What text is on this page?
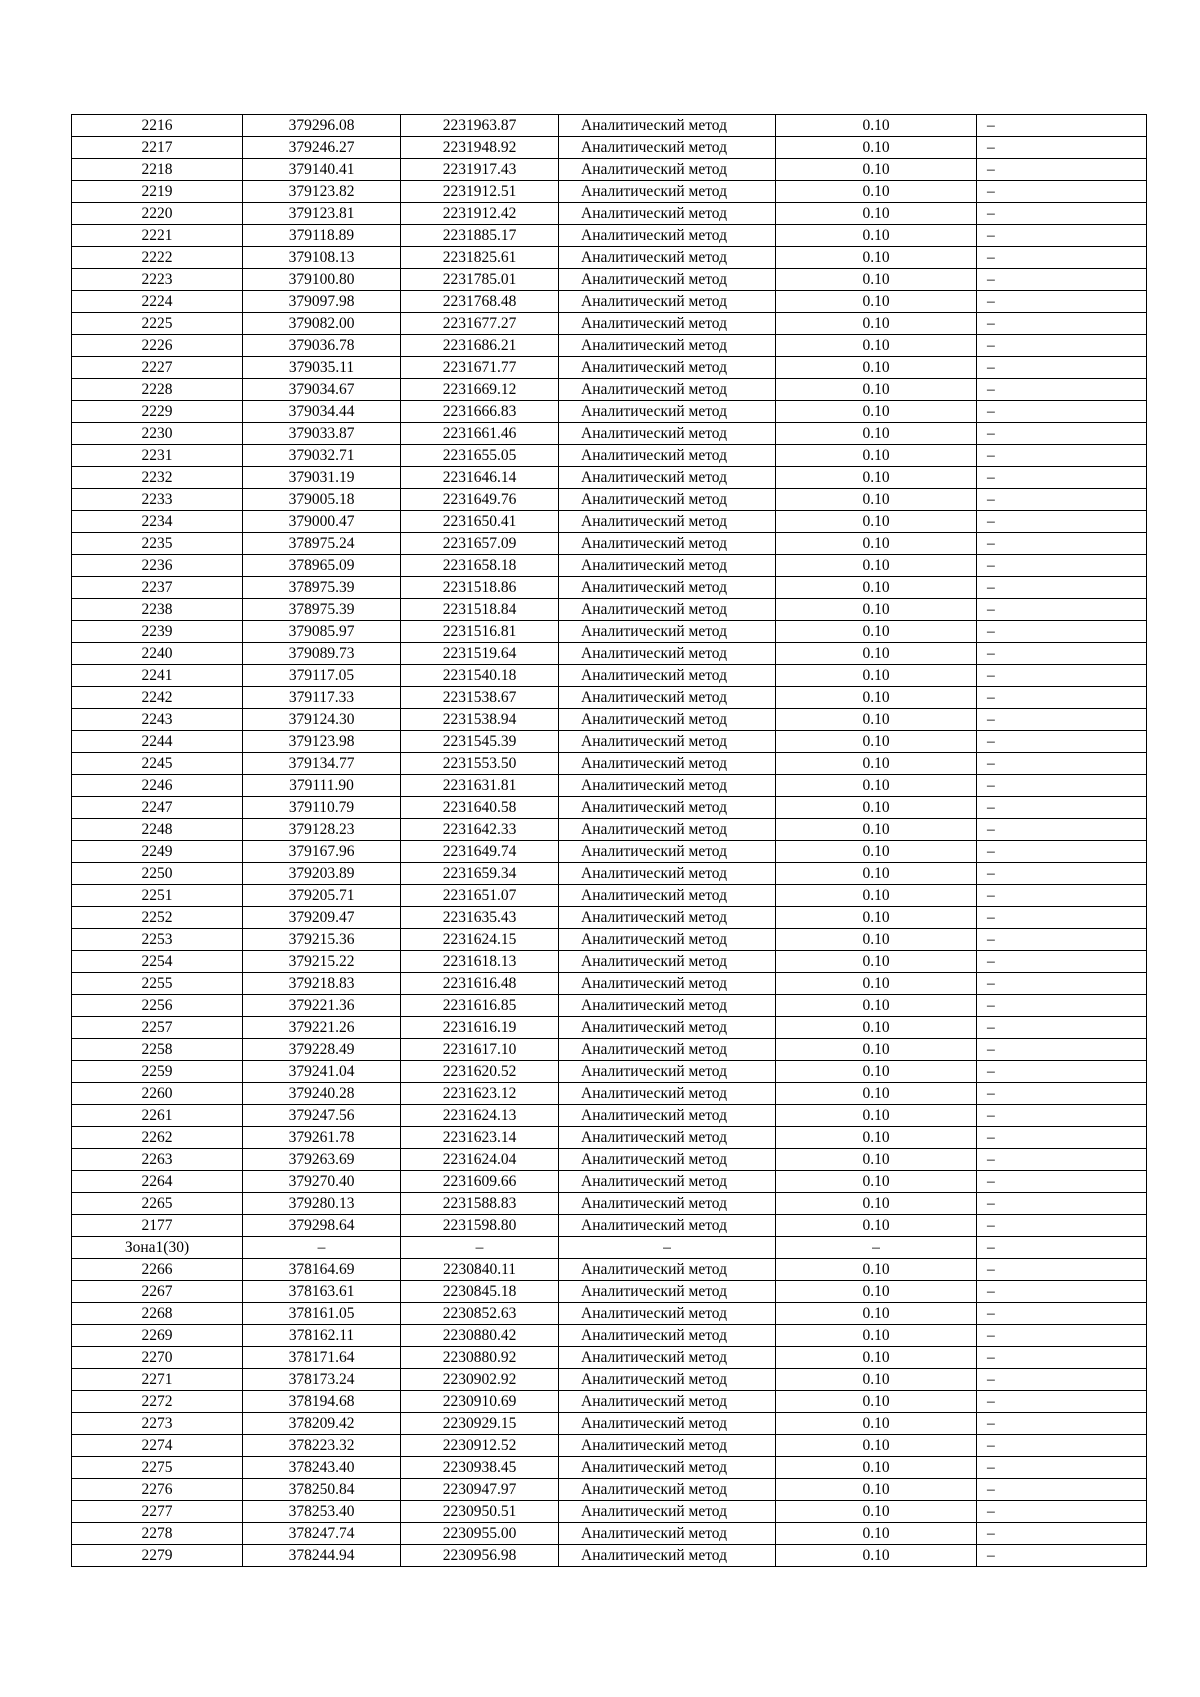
2216	379296.08	2231963.87	Аналитический метод	0.10	–
2217	379246.27	2231948.92	Аналитический метод	0.10	–
2218	379140.41	2231917.43	Аналитический метод	0.10	–
2219	379123.82	2231912.51	Аналитический метод	0.10	–
2220	379123.81	2231912.42	Аналитический метод	0.10	–
2221	379118.89	2231885.17	Аналитический метод	0.10	–
2222	379108.13	2231825.61	Аналитический метод	0.10	–
2223	379100.80	2231785.01	Аналитический метод	0.10	–
2224	379097.98	2231768.48	Аналитический метод	0.10	–
2225	379082.00	2231677.27	Аналитический метод	0.10	–
2226	379036.78	2231686.21	Аналитический метод	0.10	–
2227	379035.11	2231671.77	Аналитический метод	0.10	–
2228	379034.67	2231669.12	Аналитический метод	0.10	–
2229	379034.44	2231666.83	Аналитический метод	0.10	–
2230	379033.87	2231661.46	Аналитический метод	0.10	–
2231	379032.71	2231655.05	Аналитический метод	0.10	–
2232	379031.19	2231646.14	Аналитический метод	0.10	–
2233	379005.18	2231649.76	Аналитический метод	0.10	–
2234	379000.47	2231650.41	Аналитический метод	0.10	–
2235	378975.24	2231657.09	Аналитический метод	0.10	–
2236	378965.09	2231658.18	Аналитический метод	0.10	–
2237	378975.39	2231518.86	Аналитический метод	0.10	–
2238	378975.39	2231518.84	Аналитический метод	0.10	–
2239	379085.97	2231516.81	Аналитический метод	0.10	–
2240	379089.73	2231519.64	Аналитический метод	0.10	–
2241	379117.05	2231540.18	Аналитический метод	0.10	–
2242	379117.33	2231538.67	Аналитический метод	0.10	–
2243	379124.30	2231538.94	Аналитический метод	0.10	–
2244	379123.98	2231545.39	Аналитический метод	0.10	–
2245	379134.77	2231553.50	Аналитический метод	0.10	–
2246	379111.90	2231631.81	Аналитический метод	0.10	–
2247	379110.79	2231640.58	Аналитический метод	0.10	–
2248	379128.23	2231642.33	Аналитический метод	0.10	–
2249	379167.96	2231649.74	Аналитический метод	0.10	–
2250	379203.89	2231659.34	Аналитический метод	0.10	–
2251	379205.71	2231651.07	Аналитический метод	0.10	–
2252	379209.47	2231635.43	Аналитический метод	0.10	–
2253	379215.36	2231624.15	Аналитический метод	0.10	–
2254	379215.22	2231618.13	Аналитический метод	0.10	–
2255	379218.83	2231616.48	Аналитический метод	0.10	–
2256	379221.36	2231616.85	Аналитический метод	0.10	–
2257	379221.26	2231616.19	Аналитический метод	0.10	–
2258	379228.49	2231617.10	Аналитический метод	0.10	–
2259	379241.04	2231620.52	Аналитический метод	0.10	–
2260	379240.28	2231623.12	Аналитический метод	0.10	–
2261	379247.56	2231624.13	Аналитический метод	0.10	–
2262	379261.78	2231623.14	Аналитический метод	0.10	–
2263	379263.69	2231624.04	Аналитический метод	0.10	–
2264	379270.40	2231609.66	Аналитический метод	0.10	–
2265	379280.13	2231588.83	Аналитический метод	0.10	–
2177	379298.64	2231598.80	Аналитический метод	0.10	–
Зона1(30)	–	–	–	–	–
2266	378164.69	2230840.11	Аналитический метод	0.10	–
2267	378163.61	2230845.18	Аналитический метод	0.10	–
2268	378161.05	2230852.63	Аналитический метод	0.10	–
2269	378162.11	2230880.42	Аналитический метод	0.10	–
2270	378171.64	2230880.92	Аналитический метод	0.10	–
2271	378173.24	2230902.92	Аналитический метод	0.10	–
2272	378194.68	2230910.69	Аналитический метод	0.10	–
2273	378209.42	2230929.15	Аналитический метод	0.10	–
2274	378223.32	2230912.52	Аналитический метод	0.10	–
2275	378243.40	2230938.45	Аналитический метод	0.10	–
2276	378250.84	2230947.97	Аналитический метод	0.10	–
2277	378253.40	2230950.51	Аналитический метод	0.10	–
2278	378247.74	2230955.00	Аналитический метод	0.10	–
2279	378244.94	2230956.98	Аналитический метод	0.10	–
